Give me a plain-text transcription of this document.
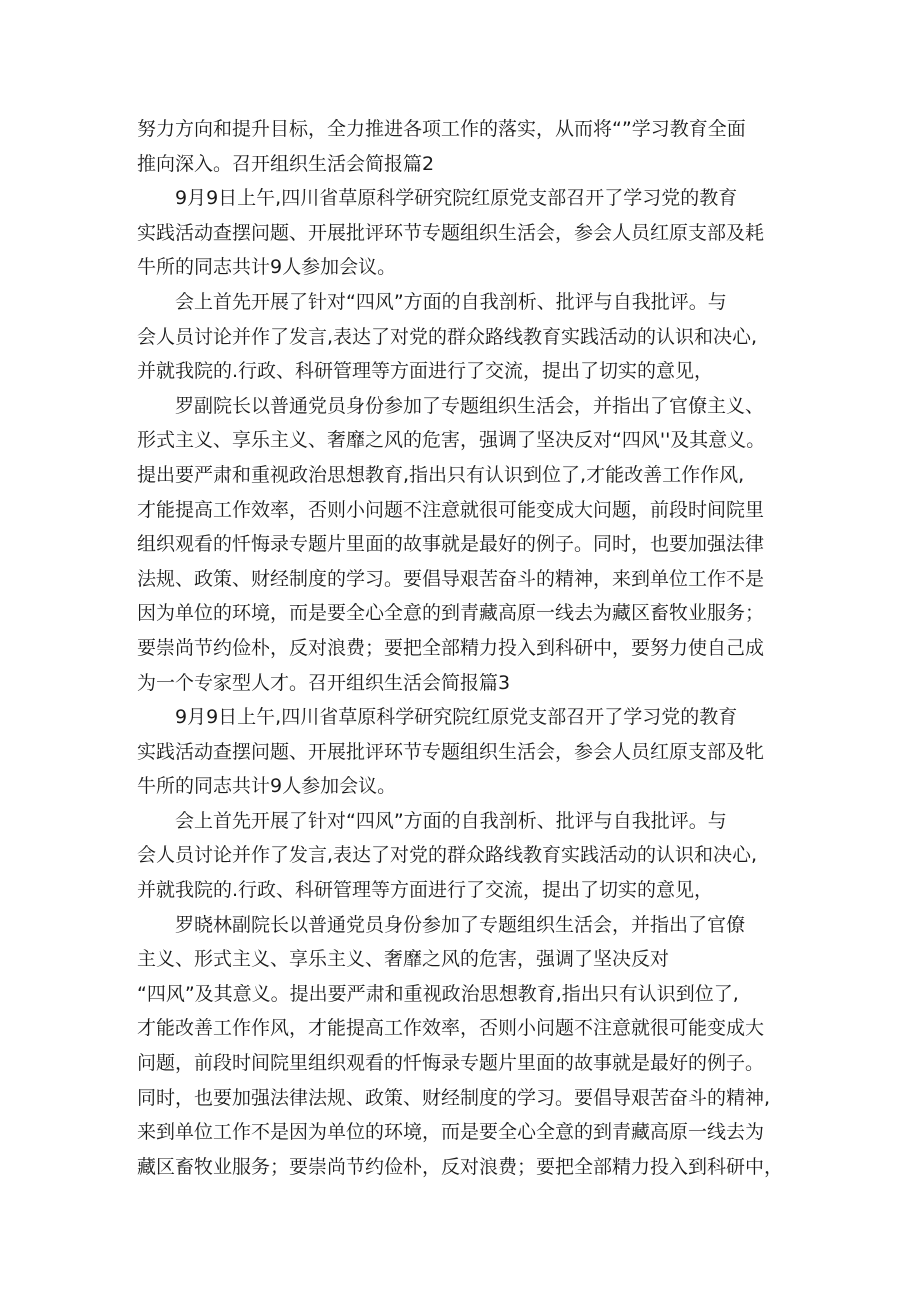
努力方向和提升目标，全力推进各项工作的落实，从而将“”学习教育全面
推向深入。召开组织生活会简报篇2
9月9日上午,四川省草原科学研究院红原党支部召开了学习党的教育
实践活动查摆问题、开展批评环节专题组织生活会，参会人员红原支部及耗
牛所的同志共计9人参加会议。
会上首先开展了针对“四风”方面的自我剖析、批评与自我批评。与
会人员讨论并作了发言,表达了对党的群众路线教育实践活动的认识和决心,
并就我院的.行政、科研管理等方面进行了交流，提出了切实的意见，
罗副院长以普通党员身份参加了专题组织生活会，并指出了官僚主义、
形式主义、享乐主义、奢靡之风的危害，强调了坚决反对“四风''及其意义。
提出要严肃和重视政治思想教育,指出只有认识到位了,才能改善工作作风,
才能提高工作效率，否则小问题不注意就很可能变成大问题，前段时间院里
组织观看的忏悔录专题片里面的故事就是最好的例子。同时，也要加强法律
法规、政策、财经制度的学习。要倡导艰苦奋斗的精神，来到单位工作不是
因为单位的环境，而是要全心全意的到青藏高原一线去为藏区畜牧业服务；
要崇尚节约俭朴，反对浪费；要把全部精力投入到科研中，要努力使自己成
为一个专家型人才。召开组织生活会简报篇3
9月9日上午,四川省草原科学研究院红原党支部召开了学习党的教育
实践活动查摆问题、开展批评环节专题组织生活会，参会人员红原支部及牝
牛所的同志共计9人参加会议。
会上首先开展了针对“四风”方面的自我剖析、批评与自我批评。与
会人员讨论并作了发言,表达了对党的群众路线教育实践活动的认识和决心,
并就我院的.行政、科研管理等方面进行了交流，提出了切实的意见，
罗晓林副院长以普通党员身份参加了专题组织生活会，并指出了官僚
主义、形式主义、享乐主义、奢靡之风的危害，强调了坚决反对
“四风”及其意义。提出要严肃和重视政治思想教育,指出只有认识到位了,
才能改善工作作风，才能提高工作效率，否则小问题不注意就很可能变成大
问题，前段时间院里组织观看的忏悔录专题片里面的故事就是最好的例子。
同时，也要加强法律法规、政策、财经制度的学习。要倡导艰苦奋斗的精神,
来到单位工作不是因为单位的环境，而是要全心全意的到青藏高原一线去为
藏区畜牧业服务；要崇尚节约俭朴，反对浪费；要把全部精力投入到科研中，
